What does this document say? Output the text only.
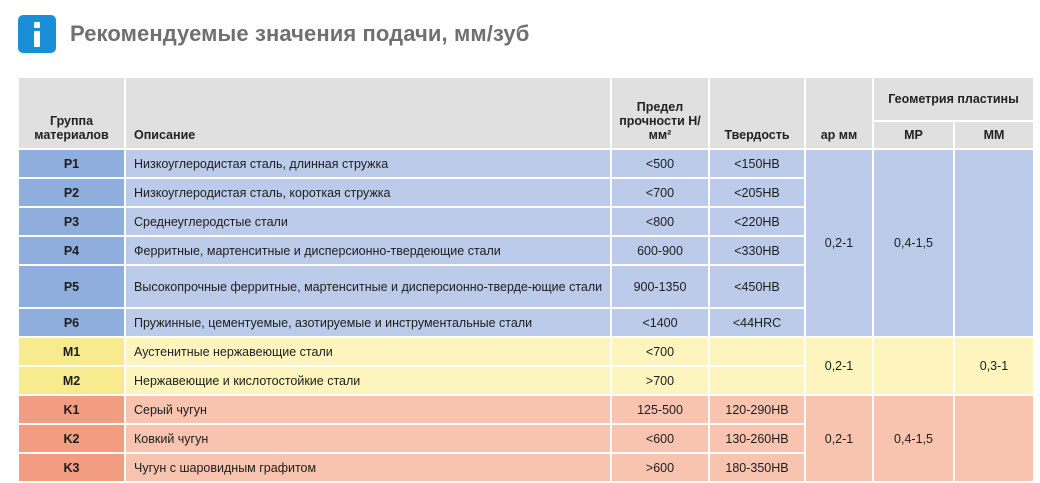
Рекомендуемые значения подачи, мм/зуб
Группа материалов	Описание	Предел прочности Н/мм²	Твердость	ap мм	Геометрия пластины	
					MP	MM
P1	Низкоуглеродистая сталь, длинная стружка	<500	<150HB	0,2-1	0,4-1,5	
P2	Низкоуглеродистая сталь, короткая стружка	<700	<205HB			
P3	Среднеуглеродстые стали	<800	<220HB			
P4	Ферритные, мартенситные и дисперсионно-твердеющие стали	600-900	<330HB			
P5	Высокопрочные ферритные, мартенситные и дисперсионно-тверде-ющие стали	900-1350	<450HB			
P6	Пружинные, цементуемые, азотируемые и инструментальные стали	<1400	<44HRC			
M1	Аустенитные нержавеющие стали	<700		0,2-1		0,3-1
M2	Нержавеющие и кислотостойкие стали	>700				
K1	Серый чугун	125-500	120-290HB	0,2-1	0,4-1,5	
K2	Ковкий чугун	<600	130-260HB			
K3	Чугун с шаровидным графитом	>600	180-350HB			
